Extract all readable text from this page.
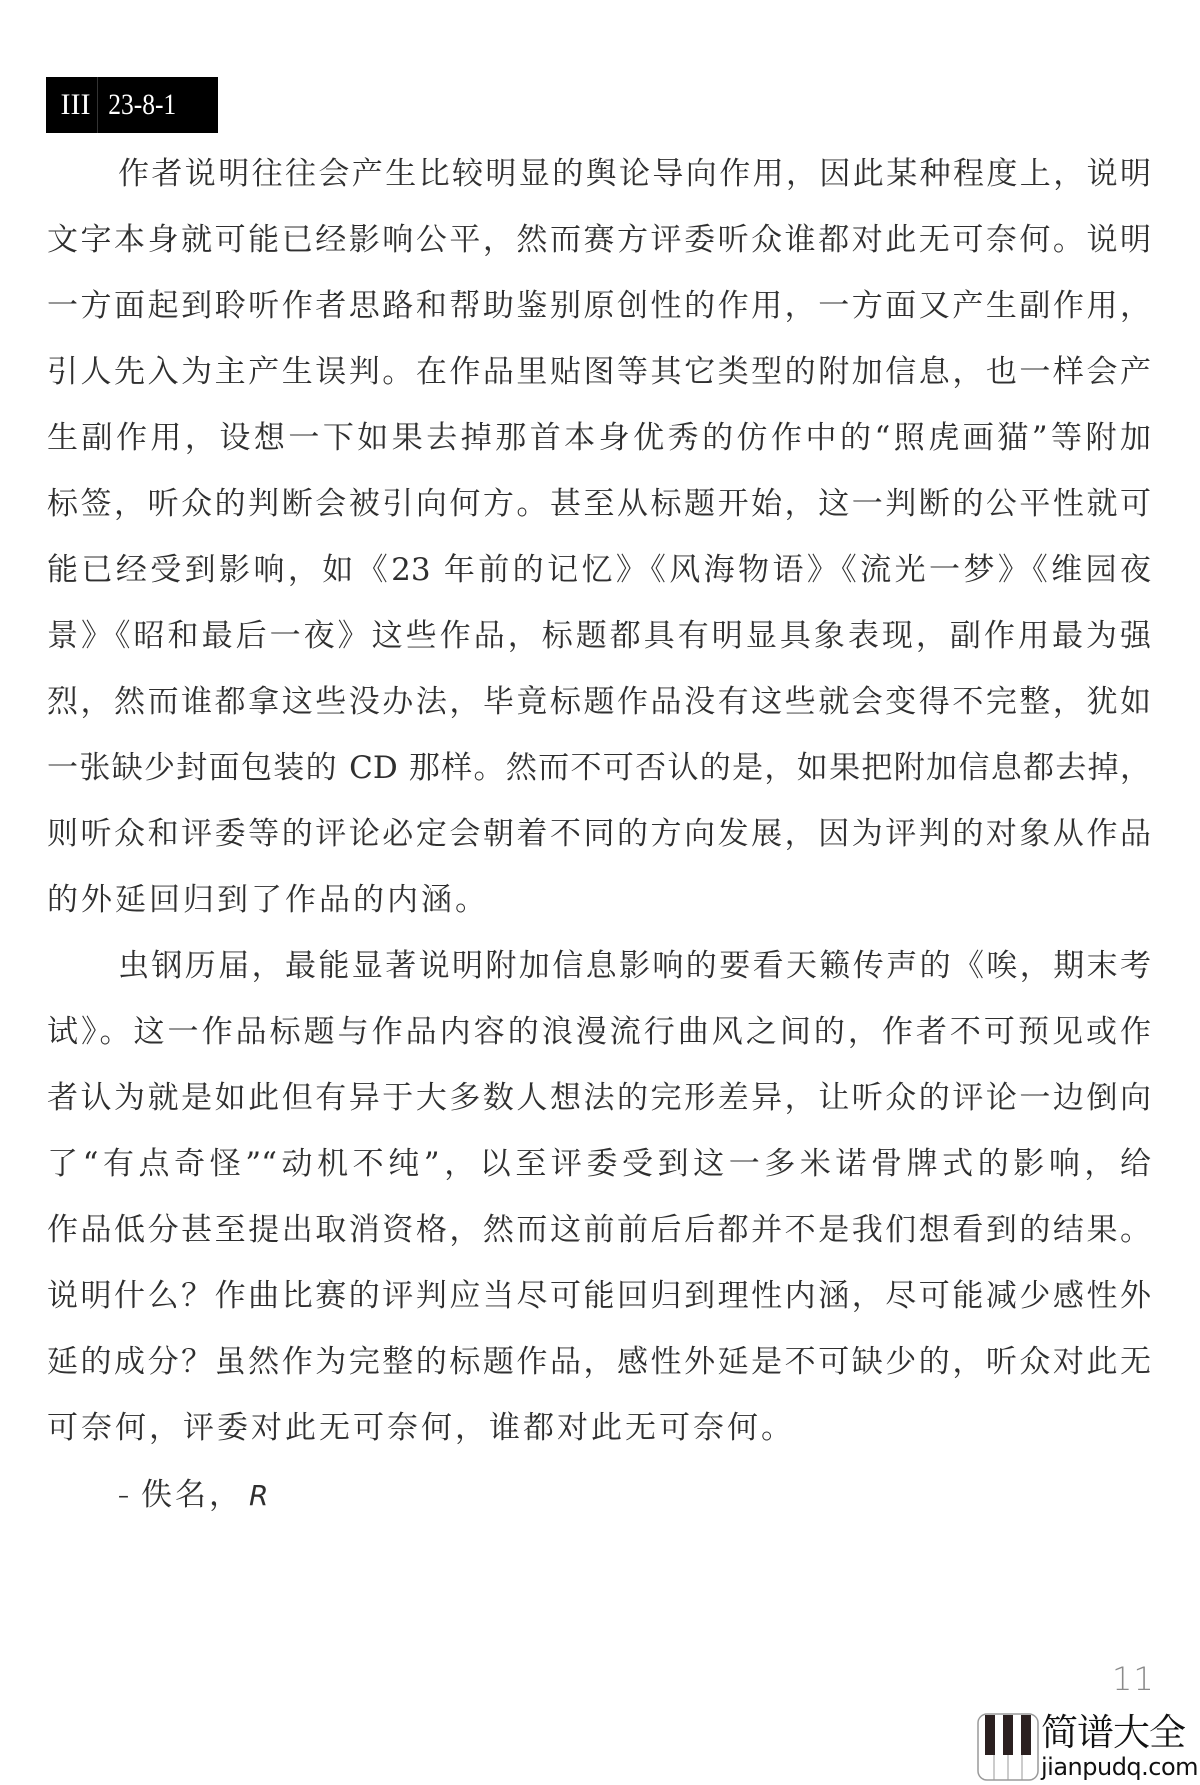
III 23-8-1
作者说明往往会产生比较明显的舆论导向作用，因此某种程度上，说明
文字本身就可能已经影响公平，然而赛方评委听众谁都对此无可奈何。说明
一方面起到聆听作者思路和帮助鉴别原创性的作用，一方面又产生副作用，
引人先入为主产生误判。在作品里贴图等其它类型的附加信息，也一样会产
生副作用，设想一下如果去掉那首本身优秀的仿作中的“照虎画猫”等附加
标签，听众的判断会被引向何方。甚至从标题开始，这一判断的公平性就可
能已经受到影响，如《23 年前的记忆》《风海物语》《流光一梦》《维园夜
景》《昭和最后一夜》这些作品，标题都具有明显具象表现，副作用最为强
烈，然而谁都拿这些没办法，毕竟标题作品没有这些就会变得不完整，犹如
一张缺少封面包装的 CD 那样。然而不可否认的是，如果把附加信息都去掉，
则听众和评委等的评论必定会朝着不同的方向发展，因为评判的对象从作品
的外延回归到了作品的内涵。
虫钢历届，最能显著说明附加信息影响的要看天籁传声的《唉，期末考
试》。这一作品标题与作品内容的浪漫流行曲风之间的，作者不可预见或作
者认为就是如此但有异于大多数人想法的完形差异，让听众的评论一边倒向
了“有点奇怪”“动机不纯”，以至评委受到这一多米诺骨牌式的影响，给
作品低分甚至提出取消资格，然而这前前后后都并不是我们想看到的结果。
说明什么？作曲比赛的评判应当尽可能回归到理性内涵，尽可能减少感性外
延的成分？虽然作为完整的标题作品，感性外延是不可缺少的，听众对此无
可奈何，评委对此无可奈何，谁都对此无可奈何。
– 佚名， R
11
简谱大全
jianpudq.com
